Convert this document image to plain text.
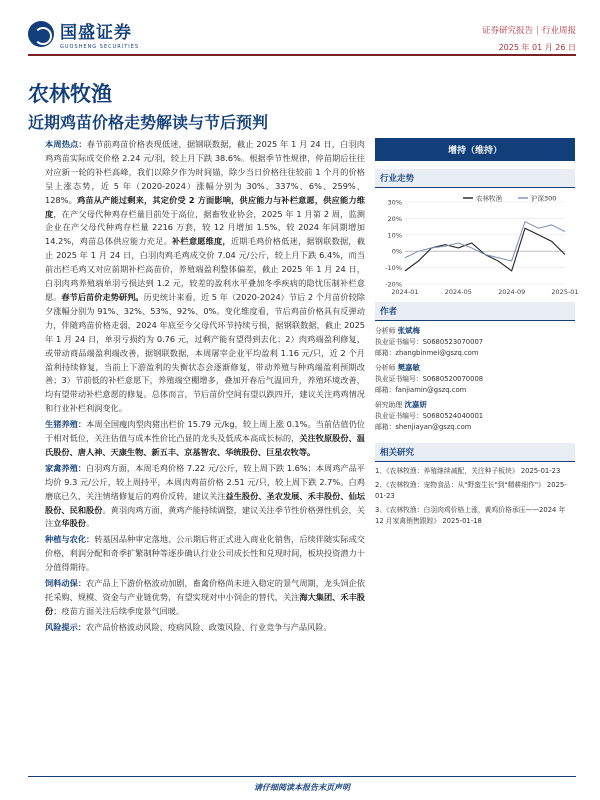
国盛证券
GUOSHENG SECURITIES
证券研究报告 | 行业周报
2025 年 01 月 26 日
农林牧渔
近期鸡苗价格走势解读与节后预判

本周热点：春节前鸡苗价格表现低迷，据钢联数据，截止 2025 年 1 月 24 日，白羽肉鸡鸡苗实际成交价格 2.24 元/羽，较上月下跌 38.6%。根据季节性规律，停苗期后往往对应新一轮的补栏高峰，我们以除夕作为时间锚，除少当日价格往往较前 1 个月的价格呈上涨态势，近 5 年（2020-2024）涨幅分别为 30%、337%、6%、259%、128%。鸡苗从产能过剩来，其定价受 2 方面影响，供应能力与补栏意愿，供应能力维度，在产父母代种鸡存栏量目前处于高位，据畜牧业协会，2025 年 1 月第 2 周，监测企业在产父母代种鸡存栏量 2216 万套，较 12 月增加 1.5%，较 2024 年同期增加 14.2%，鸡苗总体供应能力充足。补栏意愿维度，近期毛鸡价格低迷，据钢联数据，截止 2025 年 1 月 24 日，白羽肉鸡毛鸡成交价 7.04 元/公斤，较上月下跌 6.4%，而当前出栏毛鸡又对应前期补栏高苗价，养殖端盈利整体偏差，截止 2025 年 1 月 24 日，白羽肉鸡养殖端单羽亏损达到 1.2 元，较差的盈利水平叠加冬季疾病的隐忧压制补栏意愿。春节后苗价走势研判。历史统计来看，近 5 年（2020-2024）节后 2 个月苗价较除夕涨幅分别为 91%、32%、53%、92%、0%。变化维度看，节后鸡苗价格具有反弹动力，伴随鸡苗价格走弱，2024 年底至今父母代环节持续亏损，据钢联数据，截止 2025 年 1 月 24 日，单羽亏损约为 0.76 元，过剩产能有望得到去化；2）肉鸡端盈利修复，或带动商品端盈利端改善，据钢联数据，本周屠宰企业平均盈利 1.16 元/只，近 2 个月盈利持续修复，当前上下游盈利的失衡状态会逐渐修复，带动养殖与种鸡端盈利预期改善；3）节前低的补栏意愿下，养殖端空棚增多，叠加开春后气温回升，养殖环境改善，均有望带动补栏意愿的修复。总体而言，节后苗价空间有望以跌四开，建议关注鸡鸡情况和行业补栏利润变化。

生猪养殖：本周全国瘦肉型肉猪出栏价 15.79 元/kg，较上周上涨 0.1%。当前估值仍位于相对低位，关注估值与成本性价比凸显的龙头及低成本高成长标的，关注牧原股份、温氏股份、唐人神、天康生物、新五丰、京基智农、华统股份、巨星农牧等。

家禽养殖：白羽鸡方面，本周毛鸡价格 7.22 元/公斤，较上周下跌 1.6%；本周鸡产品平均价 9.3 元/公斤，较上周持平，本周肉鸡苗价格 2.51 元/只，较上周下跌 2.7%。白鸡磨底已久，关注情绪修复后的鸡价反转，建议关注益生股份、圣农发展、禾丰股份、仙坛股份、民和股份。黄羽肉鸡方面，黄鸡产能持续调整，建议关注季节性价格弹性机会，关注立华股份。

种植与农化：转基因品种审定落地、公示期后将正式进入商业化销售，后续伴随实际成交价格，利润分配和奇季扩繁制种等逐步确认行业公司成长性和兑现时间，板块投资潜力十分值得期待。

饲料动保：农产品上下游价格波动加剧，畜禽价格尚未进入稳定的景气周期，龙头饲企依托采购、规模、资金与产业链优势，有望实现对中小饲企的替代，关注海大集团、禾丰股份；疫苗方面关注后续季度景气回暖。

风险提示：农产品价格波动风险、疫病风险、政策风险、行业竞争与产品风险。

增持（维持）
行业走势
30%
20%
10%
0%
-10%
-20%
2024-01	2024-05	2024-09	2025-01
农林牧渔	沪深300
作者
分析师 张斌梅
执业证书编号：S0680523070007
邮箱：zhangbinmei@gszq.com
分析师 樊嘉敏
执业证书编号：S0680520070008
邮箱：fanjiamin@gszq.com
研究助理 沈嘉妍
执业证书编号：S0680524040001
邮箱：shenjiayan@gszq.com
相关研究
1、《农林牧渔：养殖继续减配，关注种子板块》 2025-01-23
2、《农林牧渔：宠物食品：从"野蛮生长"到"精耕细作"》 2025-01-23
3、《农林牧渔：白羽肉鸡价格上涨，黄鸡价格承压——2024 年 12 月家禽销售跟踪》 2025-01-18
请仔细阅读本报告末页声明
